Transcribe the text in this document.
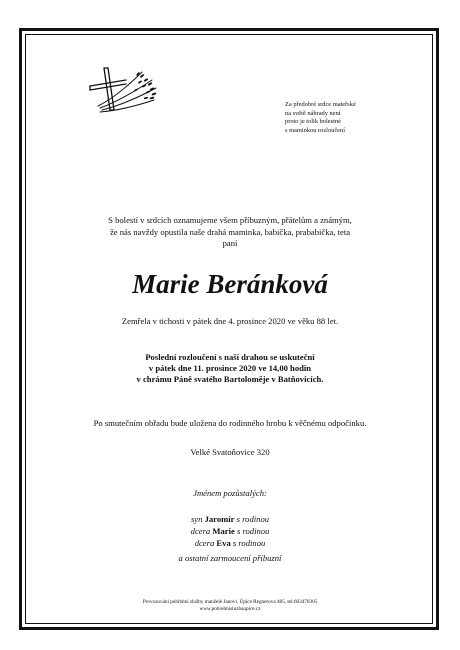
Za předobré srdce mateřské
na světě náhrady není
proto je tolik bolestné
s maminkou rozloučení
S bolestí v srdcích oznamujeme všem příbuzným, přátelům a známým,
že nás navždy opustila naše drahá maminka, babička, prababička, teta
paní
Marie Beránková
Zemřela v tichosti v pátek dne 4. prosince 2020 ve věku 88 let.
Poslední rozloučení s naší drahou se uskuteční
v pátek dne 11. prosince 2020 ve 14,00 hodin
v chrámu Páně svatého Bartoloměje v Batňovicích.
Po smutečním obřadu bude uložena do rodinného hrobu k věčnému odpočinku.
Velké Svatoňovice 320
Jménem pozůstalých:
syn Jaromír s rodinou
dcera Marie s rodinou
dcera Eva s rodinou
a ostatní zarmoucení příbuzní
Provozování pohřební služby manželé Janovi, Úpice Regnerova 485, tel:603470305
www.pohrebnisluzbaupice.cz
